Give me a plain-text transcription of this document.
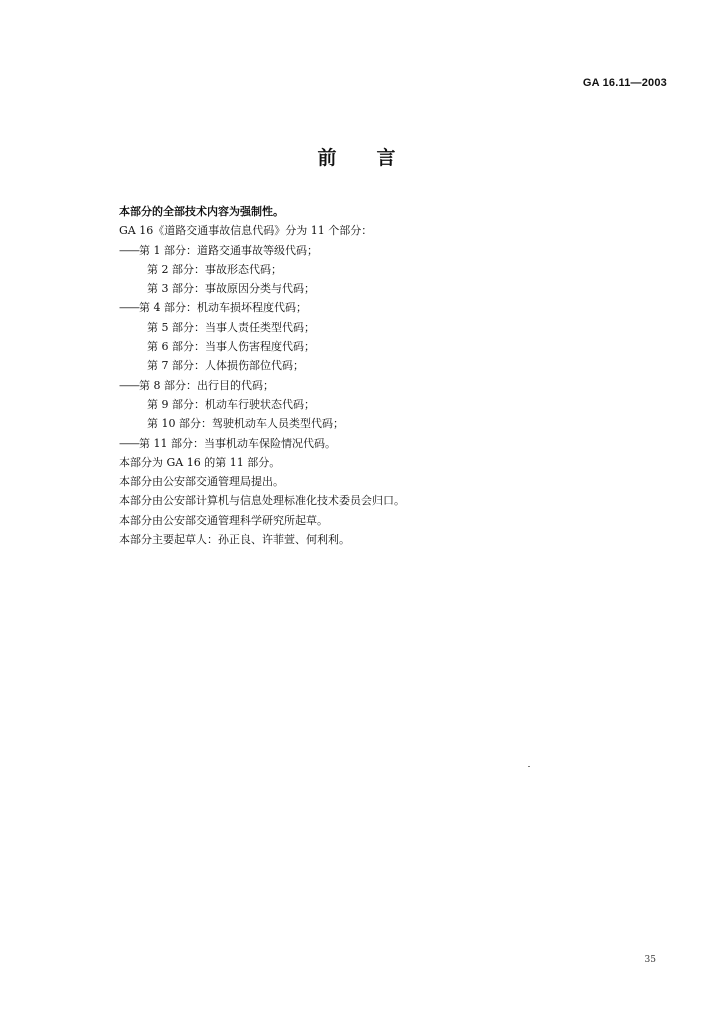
GA 16.11—2003
前言
本部分的全部技术内容为强制性。
GA 16《道路交通事故信息代码》分为 11 个部分：
——第 1 部分：道路交通事故等级代码；
第 2 部分：事故形态代码；
第 3 部分：事故原因分类与代码；
——第 4 部分：机动车损坏程度代码；
第 5 部分：当事人责任类型代码；
第 6 部分：当事人伤害程度代码；
第 7 部分：人体损伤部位代码；
——第 8 部分：出行目的代码；
第 9 部分：机动车行驶状态代码；
第 10 部分：驾驶机动车人员类型代码；
——第 11 部分：当事机动车保险情况代码。
本部分为 GA 16 的第 11 部分。
本部分由公安部交通管理局提出。
本部分由公安部计算机与信息处理标准化技术委员会归口。
本部分由公安部交通管理科学研究所起草。
本部分主要起草人：孙正良、许菲萱、何利利。
35
